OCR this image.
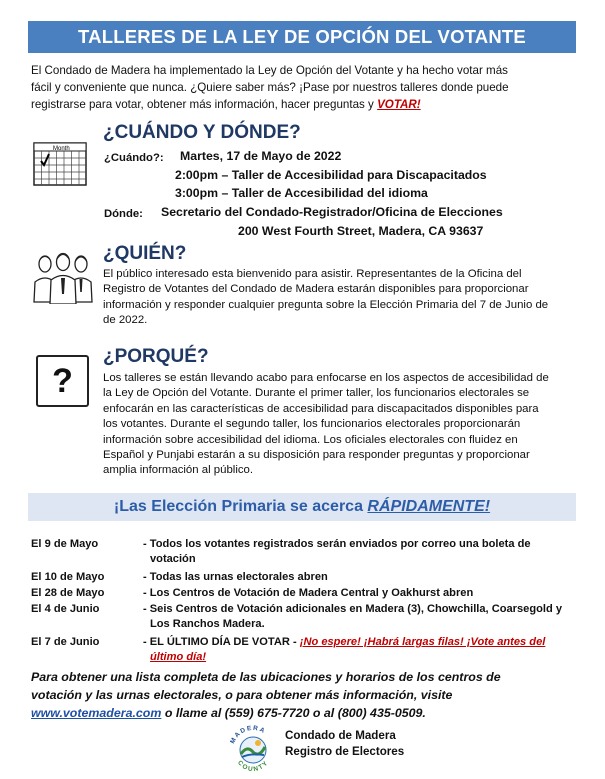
TALLERES DE LA LEY DE OPCIÓN DEL VOTANTE
El Condado de Madera ha implementado la Ley de Opción del Votante y ha hecho votar más
fácil y conveniente que nunca. ¿Quiere saber más? ¡Pase por nuestros talleres donde puede
registrarse para votar, obtener más información, hacer preguntas y VOTAR!
Month
¿CUÁNDO Y DÓNDE?
¿Cuándo?: Martes, 17 de Mayo de 2022
2:00pm – Taller de Accesibilidad para Discapacitados
3:00pm – Taller de Accesibilidad del idioma
Dónde: Secretario del Condado-Registrador/Oficina de Elecciones
200 West Fourth Street, Madera, CA 93637
¿QUIÉN?
El público interesado esta bienvenido para asistir. Representantes de la Oficina del
Registro de Votantes del Condado de Madera estarán disponibles para proporcionar
información y responder cualquier pregunta sobre la Elección Primaria del 7 de Junio de
de 2022.
?
¿PORQUÉ?
Los talleres se están llevando acabo para enfocarse en los aspectos de accesibilidad de
la Ley de Opción del Votante. Durante el primer taller, los funcionarios electorales se
enfocarán en las características de accesibilidad para discapacitados disponibles para
los votantes. Durante el segundo taller, los funcionarios electorales proporcionarán
información sobre accesibilidad del idioma. Los oficiales electorales con fluidez en
Español y Punjabi estarán a su disposición para responder preguntas y proporcionar
amplia información al público.
¡Las Elección Primaria se acerca RÁPIDAMENTE!
El 9 de Mayo	- Todos los votantes registrados serán enviados por correo una boleta de
votación
El 10 de Mayo	- Todas las urnas electorales abren
El 28 de Mayo	- Los Centros de Votación de Madera Central y Oakhurst abren
El 4 de Junio	- Seis Centros de Votación adicionales en Madera (3), Chowchilla, Coarsegold y
Los Ranchos Madera.
El 7 de Junio	- EL ÚLTIMO DÍA DE VOTAR - ¡No espere! ¡Habrá largas filas! ¡Vote antes del
último día!
Para obtener una lista completa de las ubicaciones y horarios de los centros de
votación y las urnas electorales, o para obtener más información, visite
www.votemadera.com o llame al (559) 675-7720 o al (800) 435-0509.
MADERA
COUNTY
Condado de Madera
Registro de Electores
